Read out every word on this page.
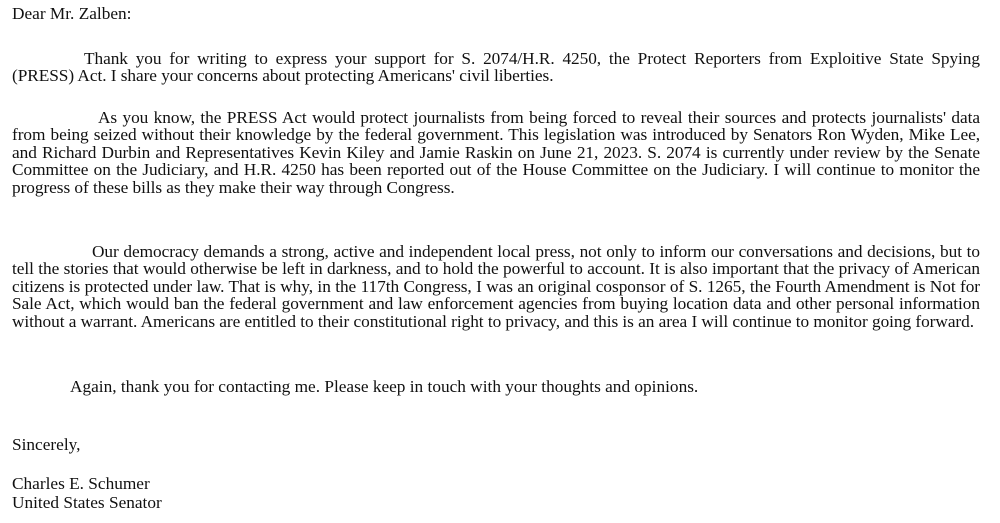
Dear Mr. Zalben:

Thank you for writing to express your support for S. 2074/H.R. 4250, the Protect Reporters from Exploitive State Spying (PRESS) Act. I share your concerns about protecting Americans' civil liberties.

As you know, the PRESS Act would protect journalists from being forced to reveal their sources and protects journalists' data from being seized without their knowledge by the federal government. This legislation was introduced by Senators Ron Wyden, Mike Lee, and Richard Durbin and Representatives Kevin Kiley and Jamie Raskin on June 21, 2023. S. 2074 is currently under review by the Senate Committee on the Judiciary, and H.R. 4250 has been reported out of the House Committee on the Judiciary. I will continue to monitor the progress of these bills as they make their way through Congress.

Our democracy demands a strong, active and independent local press, not only to inform our conversations and decisions, but to tell the stories that would otherwise be left in darkness, and to hold the powerful to account. It is also important that the privacy of American citizens is protected under law. That is why, in the 117th Congress, I was an original cosponsor of S. 1265, the Fourth Amendment is Not for Sale Act, which would ban the federal government and law enforcement agencies from buying location data and other personal information without a warrant. Americans are entitled to their constitutional right to privacy, and this is an area I will continue to monitor going forward.

Again, thank you for contacting me. Please keep in touch with your thoughts and opinions.

Sincerely,

Charles E. Schumer
United States Senator
